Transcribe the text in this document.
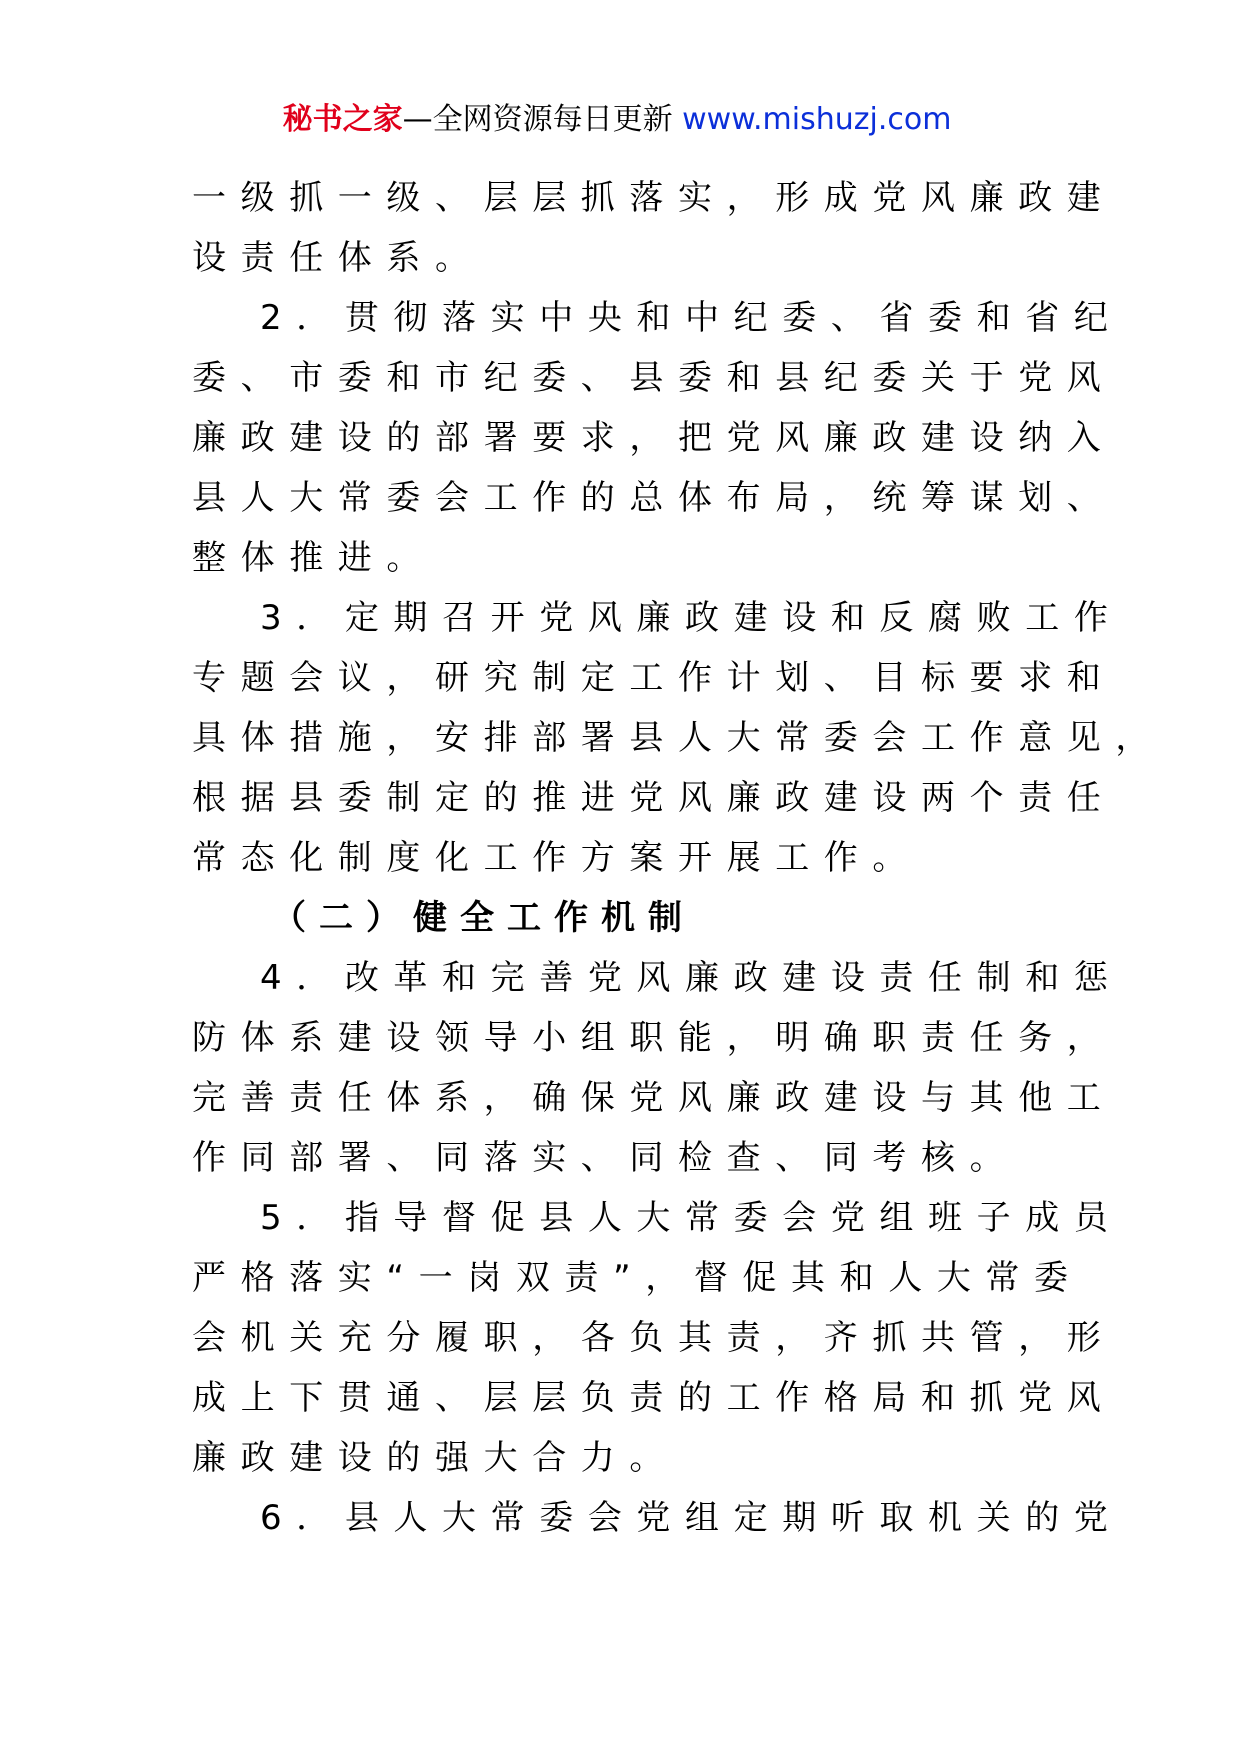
秘书之家—全网资源每日更新 www.mishuzj.com
一级抓一级、层层抓落实，形成党风廉政建
设责任体系。
2．贯彻落实中央和中纪委、省委和省纪
委、市委和市纪委、县委和县纪委关于党风
廉政建设的部署要求，把党风廉政建设纳入
县人大常委会工作的总体布局，统筹谋划、
整体推进。
3．定期召开党风廉政建设和反腐败工作
专题会议，研究制定工作计划、目标要求和
具体措施，安排部署县人大常委会工作意见，
根据县委制定的推进党风廉政建设两个责任
常态化制度化工作方案开展工作。
（二）健全工作机制
4．改革和完善党风廉政建设责任制和惩
防体系建设领导小组职能，明确职责任务，
完善责任体系，确保党风廉政建设与其他工
作同部署、同落实、同检查、同考核。
5．指导督促县人大常委会党组班子成员
严格落实“一岗双责”，督促其和人大常委
会机关充分履职，各负其责，齐抓共管，形
成上下贯通、层层负责的工作格局和抓党风
廉政建设的强大合力。
6．县人大常委会党组定期听取机关的党
